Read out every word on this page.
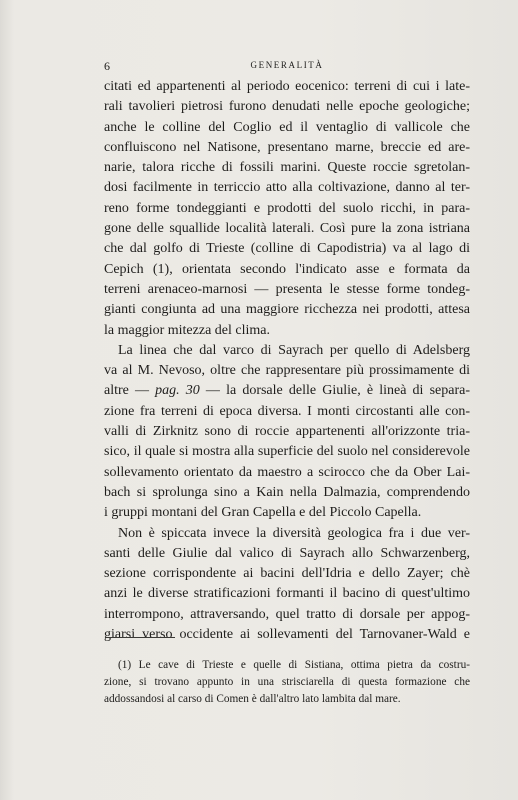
6	GENERALITÀ
citati ed appartenenti al periodo eocenico: terreni di cui i late-
rali tavolieri pietrosi furono denudati nelle epoche geologiche;
anche le colline del Coglio ed il ventaglio di vallicole che
confluiscono nel Natisone, presentano marne, breccie ed are-
narie, talora ricche di fossili marini. Queste roccie sgretolan-
dosi facilmente in terriccio atto alla coltivazione, danno al ter-
reno forme tondeggianti e prodotti del suolo ricchi, in para-
gone delle squallide località laterali. Così pure la zona istriana
che dal golfo di Trieste (colline di Capodistria) va al lago di
Cepich (1), orientata secondo l'indicato asse e formata da
terreni arenaceo-marnosi — presenta le stesse forme tondeg-
gianti congiunta ad una maggiore ricchezza nei prodotti, attesa
la maggior mitezza del clima.
La linea che dal varco di Sayrach per quello di Adelsberg
va al M. Nevoso, oltre che rappresentare più prossimamente di
altre — pag. 30 — la dorsale delle Giulie, è lineà di separa-
zione fra terreni di epoca diversa. I monti circostanti alle con-
valli di Zirknitz sono di roccie appartenenti all'orizzonte tria-
sico, il quale si mostra alla superficie del suolo nel considerevole
sollevamento orientato da maestro a scirocco che da Ober Lai-
bach si sprolunga sino a Kain nella Dalmazia, comprendendo
i gruppi montani del Gran Capella e del Piccolo Capella.
Non è spiccata invece la diversità geologica fra i due ver-
santi delle Giulie dal valico di Sayrach allo Schwarzenberg,
sezione corrispondente ai bacini dell'Idria e dello Zayer; chè
anzi le diverse stratificazioni formanti il bacino di quest'ultimo
interrompono, attraversando, quel tratto di dorsale per appog-
giarsi verso occidente ai sollevamenti del Tarnovaner-Wald e
(1) Le cave di Trieste e quelle di Sistiana, ottima pietra da costru-
zione, si trovano appunto in una strisciarella di questa formazione che
addossandosi al carso di Comen è dall'altro lato lambita dal mare.
